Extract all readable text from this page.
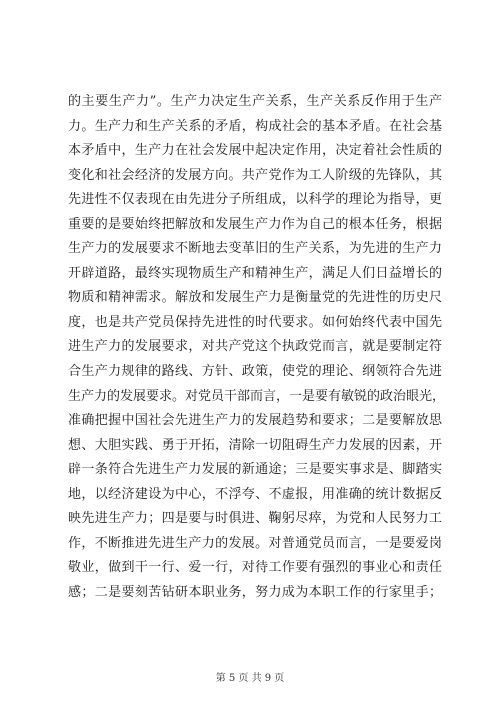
的主要生产力”。生产力决定生产关系，生产关系反作用于生产
力。生产力和生产关系的矛盾，构成社会的基本矛盾。在社会基
本矛盾中，生产力在社会发展中起决定作用，决定着社会性质的
变化和社会经济的发展方向。共产党作为工人阶级的先锋队，其
先进性不仅表现在由先进分子所组成，以科学的理论为指导，更
重要的是要始终把解放和发展生产力作为自己的根本任务，根据
生产力的发展要求不断地去变革旧的生产关系，为先进的生产力
开辟道路，最终实现物质生产和精神生产，满足人们日益增长的
物质和精神需求。解放和发展生产力是衡量党的先进性的历史尺
度，也是共产党员保持先进性的时代要求。如何始终代表中国先
进生产力的发展要求，对共产党这个执政党而言，就是要制定符
合生产力规律的路线、方针、政策，使党的理论、纲领符合先进
生产力的发展要求。对党员干部而言，一是要有敏锐的政治眼光，
准确把握中国社会先进生产力的发展趋势和要求；二是要解放思
想、大胆实践、勇于开拓，清除一切阻碍生产力发展的因素，开
辟一条符合先进生产力发展的新通途；三是要实事求是、脚踏实
地，以经济建设为中心，不浮夸、不虚报，用准确的统计数据反
映先进生产力；四是要与时俱进、鞠躬尽瘁，为党和人民努力工
作，不断推进先进生产力的发展。对普通党员而言，一是要爱岗
敬业，做到干一行、爱一行，对待工作要有强烈的事业心和责任
感；二是要刻苦钻研本职业务，努力成为本职工作的行家里手；
第 5 页 共 9 页
